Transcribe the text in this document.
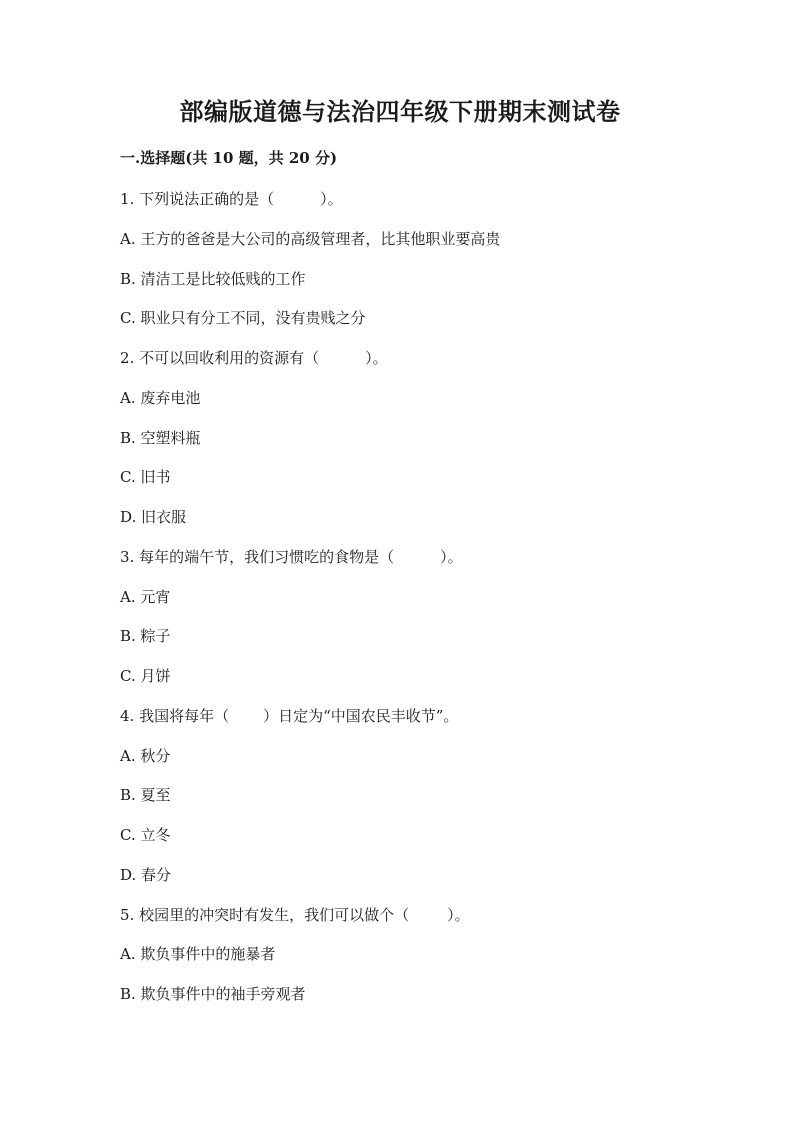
部编版道德与法治四年级下册期末测试卷
一.选择题(共 10 题，共 20 分)
1. 下列说法正确的是（	）。
A. 王方的爸爸是大公司的高级管理者，比其他职业要高贵
B. 清洁工是比较低贱的工作
C. 职业只有分工不同，没有贵贱之分
2. 不可以回收利用的资源有（	）。
A. 废弃电池
B. 空塑料瓶
C. 旧书
D. 旧衣服
3. 每年的端午节，我们习惯吃的食物是（	）。
A. 元宵
B. 粽子
C. 月饼
4. 我国将每年（ ）日定为“中国农民丰收节”。
A. 秋分
B. 夏至
C. 立冬
D. 春分
5. 校园里的冲突时有发生，我们可以做个（	）。
A. 欺负事件中的施暴者
B. 欺负事件中的袖手旁观者
